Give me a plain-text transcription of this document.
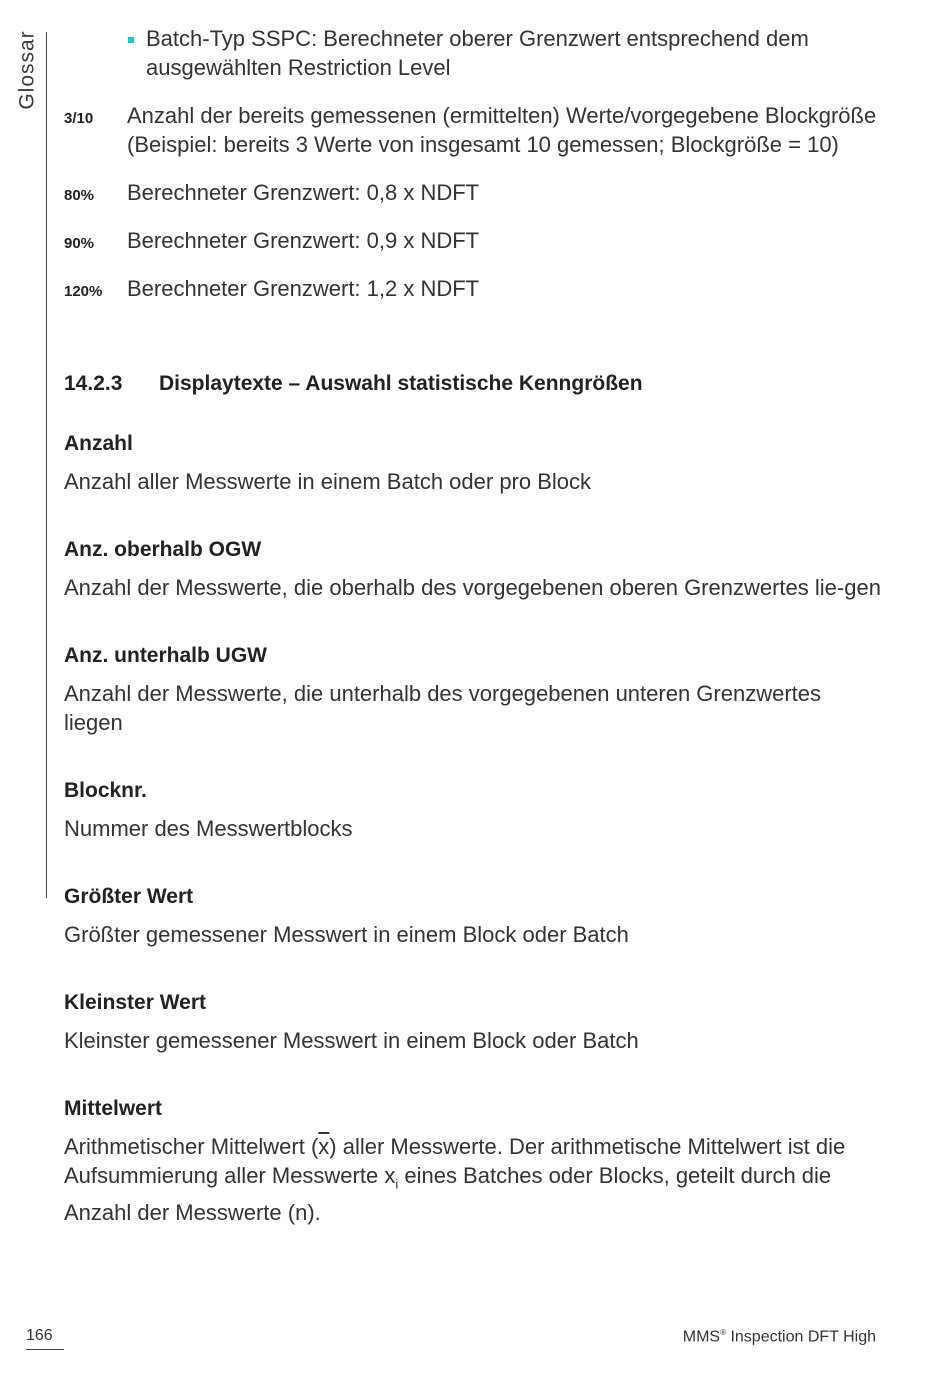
Glossar	Batch-Typ SSPC: Berechneter oberer Grenzwert entsprechend dem ausgewählten Restriction Level
3/10	Anzahl der bereits gemessenen (ermittelten) Werte/vorgegebene Blockgröße (Beispiel: bereits 3 Werte von insgesamt 10 gemessen; Blockgröße = 10)
80%	Berechneter Grenzwert: 0,8 x NDFT
90%	Berechneter Grenzwert: 0,9 x NDFT
120%	Berechneter Grenzwert: 1,2 x NDFT
14.2.3	Displaytexte – Auswahl statistische Kenngrößen
Anzahl
Anzahl aller Messwerte in einem Batch oder pro Block
Anz. oberhalb OGW
Anzahl der Messwerte, die oberhalb des vorgegebenen oberen Grenzwertes lie-gen
Anz. unterhalb UGW
Anzahl der Messwerte, die unterhalb des vorgegebenen unteren Grenzwertes liegen
Blocknr.
Nummer des Messwertblocks
Größter Wert
Größter gemessener Messwert in einem Block oder Batch
Kleinster Wert
Kleinster gemessener Messwert in einem Block oder Batch
Mittelwert
Arithmetischer Mittelwert $(\overline{x})$ aller Messwerte. Der arithmetische Mittelwert ist die Aufsummierung aller Messwerte $x_i$ eines Batches oder Blocks, geteilt durch die Anzahl der Messwerte (n).
166	MMS® Inspection DFT High
